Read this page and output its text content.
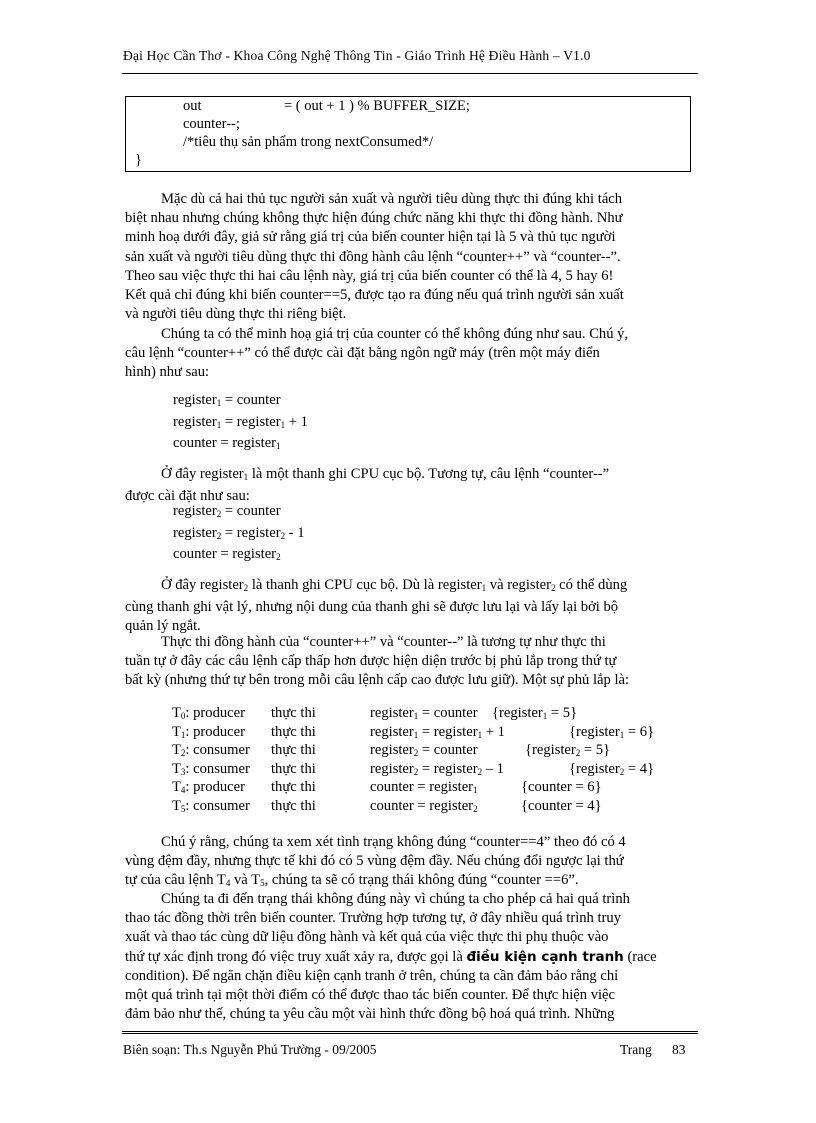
Đại Học Cần Thơ - Khoa Công Nghệ Thông Tin - Giáo Trình Hệ Điều Hành – V1.0
out	= ( out + 1 ) % BUFFER_SIZE;
counter--;
/*tiêu thụ sản phẩm trong nextConsumed*/
}
Mặc dù cả hai thủ tục người sản xuất và người tiêu dùng thực thi đúng khi tách
biệt nhau nhưng chúng không thực hiện đúng chức năng khi thực thi đồng hành. Như
minh hoạ dưới đây, giả sử rằng giá trị của biến counter hiện tại là 5 và thủ tục người
sản xuất và người tiêu dùng thực thi đồng hành câu lệnh “counter++” và “counter--”.
Theo sau việc thực thi hai câu lệnh này, giá trị của biến counter có thể là 4, 5 hay 6!
Kết quả chỉ đúng khi biến counter==5, được tạo ra đúng nếu quá trình người sản xuất
và người tiêu dùng thực thi riêng biệt.
Chúng ta có thể minh hoạ giá trị của counter có thể không đúng như sau. Chú ý,
câu lệnh “counter++” có thể được cài đặt bằng ngôn ngữ máy (trên một máy điển
hình) như sau:
register$_1$ = counter
register$_1$ = register$_1$ + 1
counter = register$_1$
Ở đây register$_1$ là một thanh ghi CPU cục bộ. Tương tự, câu lệnh “counter--”
được cài đặt như sau:
register$_2$ = counter
register$_2$ = register$_2$ - 1
counter = register$_2$
Ở đây register$_2$ là thanh ghi CPU cục bộ. Dù là register$_1$ và register$_2$ có thể dùng
cùng thanh ghi vật lý, nhưng nội dung của thanh ghi sẽ được lưu lại và lấy lại bởi bộ
quản lý ngắt.
Thực thi đồng hành của “counter++” và “counter--” là tương tự như thực thi
tuần tự ở đây các câu lệnh cấp thấp hơn được hiện diện trước bị phủ lắp trong thứ tự
bất kỳ (nhưng thứ tự bên trong mỗi câu lệnh cấp cao được lưu giữ). Một sự phủ lắp là:
$T_0$: producer thực thi	register$_1$ = counter {register$_1$ = 5}
$T_1$: producer thực thi	register$_1$ = register$_1$ + 1	{register$_1$ = 6}
$T_2$: consumer thực thi	register$_2$ = counter	{register$_2$ = 5}
$T_3$: consumer thực thi	register$_2$ = register$_2$ – 1	{register$_2$ = 4}
$T_4$: producer thực thi	counter = register$_1$	{counter = 6}
$T_5$: consumer thực thi	counter = register$_2$	{counter = 4}
Chú ý rằng, chúng ta xem xét tình trạng không đúng “counter==4” theo đó có 4
vùng đệm đầy, nhưng thực tế khi đó có 5 vùng đệm đầy. Nếu chúng đổi ngược lại thứ
tự của câu lệnh $T_4$ và $T_5$, chúng ta sẽ có trạng thái không đúng “counter ==6”.
Chúng ta đi đến trạng thái không đúng này vì chúng ta cho phép cả hai quá trình
thao tác đồng thời trên biến counter. Trường hợp tương tự, ở đây nhiều quá trình truy
xuất và thao tác cùng dữ liệu đồng hành và kết quả của việc thực thi phụ thuộc vào
thứ tự xác định trong đó việc truy xuất xảy ra, được gọi là điều kiện cạnh tranh (race
condition). Để ngăn chặn điều kiện cạnh tranh ở trên, chúng ta cần đảm bảo rằng chỉ
một quá trình tại một thời điểm có thể được thao tác biến counter. Để thực hiện việc
đảm bảo như thế, chúng ta yêu cầu một vài hình thức đồng bộ hoá quá trình. Những
Biên soạn: Th.s Nguyễn Phú Trường - 09/2005	Trang 83
